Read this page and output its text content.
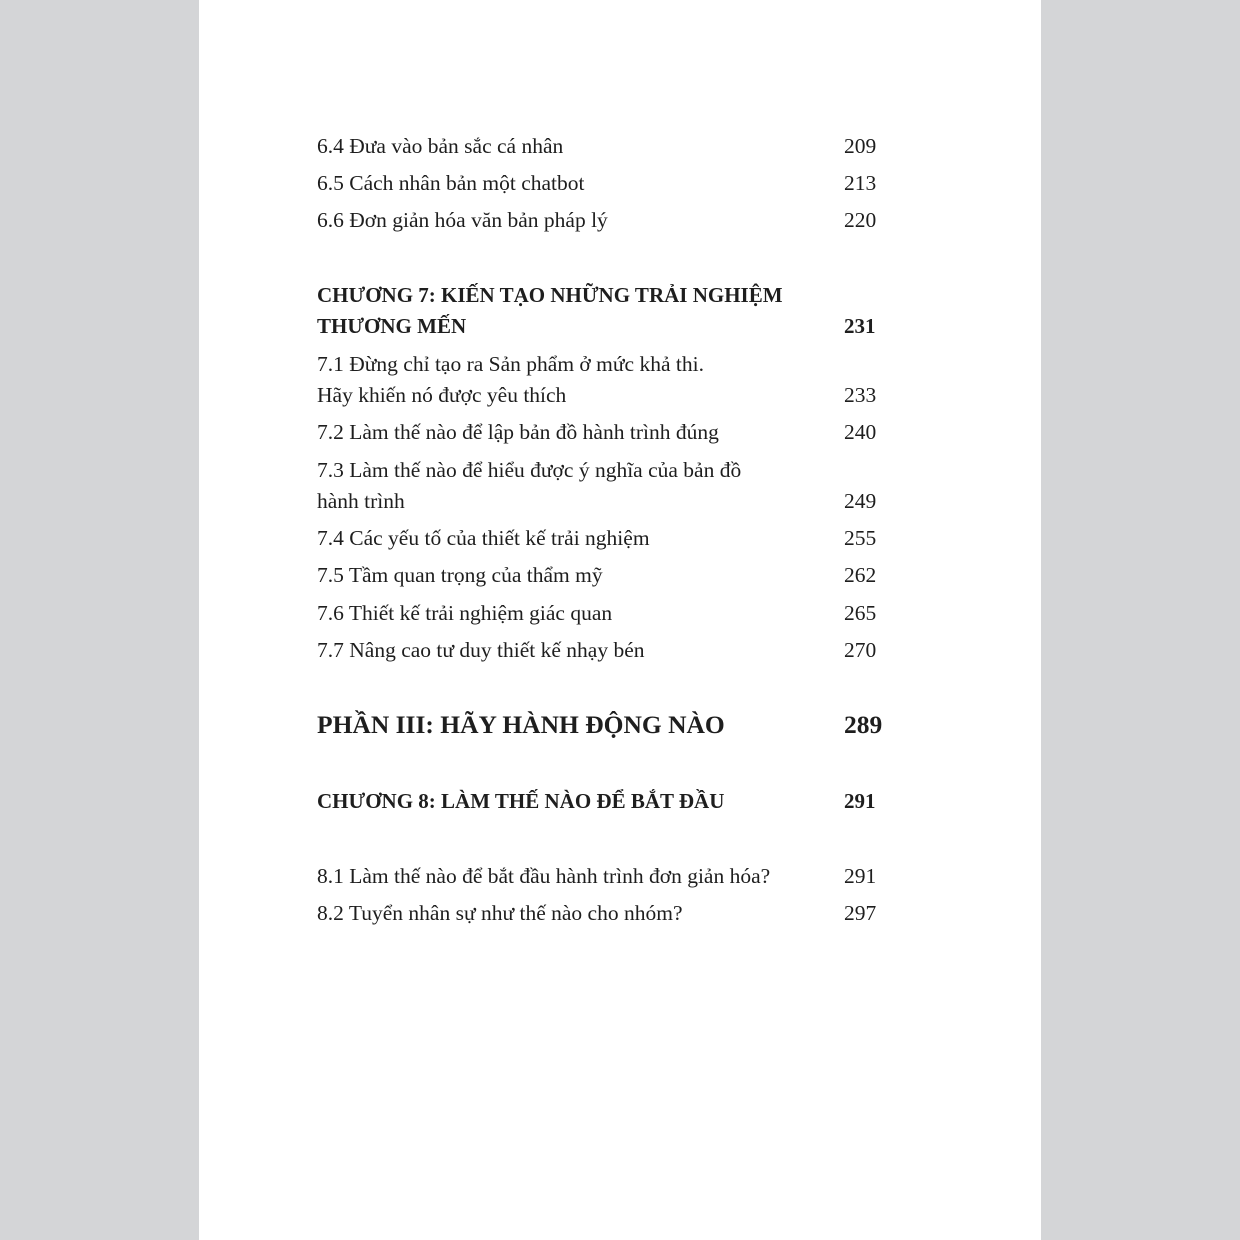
6.4 Đưa vào bản sắc cá nhân	209
6.5 Cách nhân bản một chatbot	213
6.6 Đơn giản hóa văn bản pháp lý	220
CHƯƠNG 7: KIẾN TẠO NHỮNG TRẢI NGHIỆM
THƯƠNG MẾN	231
7.1 Đừng chỉ tạo ra Sản phẩm ở mức khả thi.
Hãy khiến nó được yêu thích	233
7.2 Làm thế nào để lập bản đồ hành trình đúng	240
7.3 Làm thế nào để hiểu được ý nghĩa của bản đồ
hành trình	249
7.4 Các yếu tố của thiết kế trải nghiệm	255
7.5 Tầm quan trọng của thẩm mỹ	262
7.6 Thiết kế trải nghiệm giác quan	265
7.7 Nâng cao tư duy thiết kế nhạy bén	270
PHẦN III: HÃY HÀNH ĐỘNG NÀO	289
CHƯƠNG 8: LÀM THẾ NÀO ĐỂ BẮT ĐẦU	291
8.1 Làm thế nào để bắt đầu hành trình đơn giản hóa?	291
8.2 Tuyển nhân sự như thế nào cho nhóm?	297
